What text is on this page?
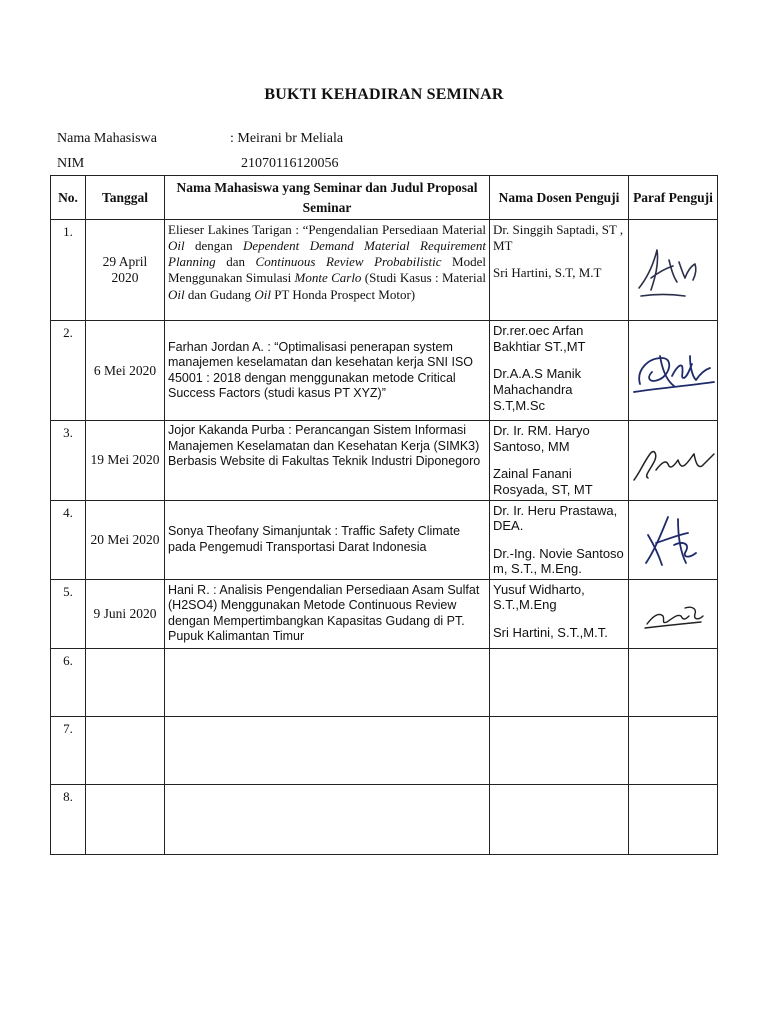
BUKTI KEHADIRAN SEMINAR
Nama Mahasiswa	: Meirani br Meliala
NIM	21070116120056
No.	Tanggal	Nama Mahasiswa yang Seminar dan Judul Proposal Seminar	Nama Dosen Penguji	Paraf Penguji
1.	29 April 2020	Elieser Lakines Tarigan : “Pengendalian Persediaan Material Oil dengan Dependent Demand Material Requirement Planning dan Continuous Review Probabilistic Model Menggunakan Simulasi Monte Carlo (Studi Kasus : Material Oil dan Gudang Oil PT Honda Prospect Motor)	Dr. Singgih Saptadi, ST , MT

Sri Hartini, S.T, M.T

2.	6 Mei 2020	Farhan Jordan A. : “Optimalisasi penerapan system manajemen keselamatan dan kesehatan kerja SNI ISO 45001 : 2018 dengan menggunakan metode Critical Success Factors (studi kasus PT XYZ)”	Dr.rer.oec Arfan Bakhtiar ST.,MT

Dr.A.A.S Manik Mahachandra S.T,M.Sc

3.	19 Mei 2020	Jojor Kakanda Purba : Perancangan Sistem Informasi Manajemen Keselamatan dan Kesehatan Kerja (SIMK3) Berbasis Website di Fakultas Teknik Industri Diponegoro	Dr. Ir. RM. Haryo Santoso, MM

Zainal Fanani Rosyada, ST, MT

4.	20 Mei 2020	Sonya Theofany Simanjuntak : Traffic Safety Climate pada Pengemudi Transportasi Darat Indonesia	Dr. Ir. Heru Prastawa, DEA.

Dr.-Ing. Novie Santoso m, S.T., M.Eng.

5.	9 Juni 2020	Hani R. : Analisis Pengendalian Persediaan Asam Sulfat (H2SO4) Menggunakan Metode Continuous Review dengan Mempertimbangkan Kapasitas Gudang di PT. Pupuk Kalimantan Timur	Yusuf Widharto, S.T.,M.Eng

Sri Hartini, S.T.,M.T.

6.				
7.				
8.				
